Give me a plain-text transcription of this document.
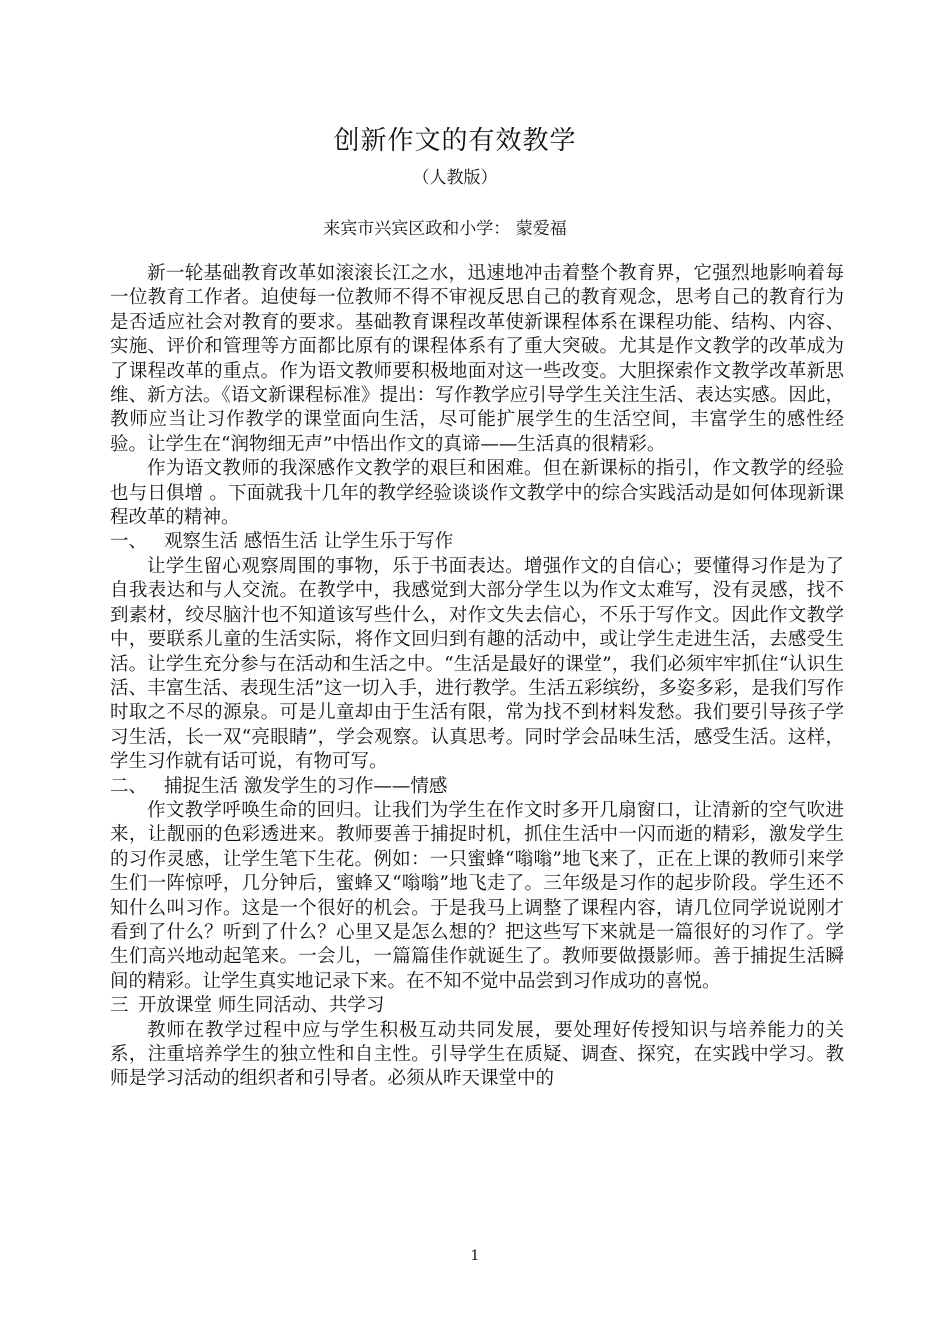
创新作文的有效教学
（人教版）
来宾市兴宾区政和小学： 蒙爱福

新一轮基础教育改革如滚滚长江之水，迅速地冲击着整个教育界，它强烈地影响着每一位教育工作者。迫使每一位教师不得不审视反思自己的教育观念，思考自己的教育行为是否适应社会对教育的要求。基础教育课程改革使新课程体系在课程功能、结构、内容、实施、评价和管理等方面都比原有的课程体系有了重大突破。尤其是作文教学的改革成为了课程改革的重点。作为语文教师要积极地面对这一些改变。大胆探索作文教学改革新思维、新方法。《语文新课程标准》提出：写作教学应引导学生关注生活、表达实感。因此，教师应当让习作教学的课堂面向生活，尽可能扩展学生的生活空间，丰富学生的感性经验。让学生在“润物细无声”中悟出作文的真谛——生活真的很精彩。

作为语文教师的我深感作文教学的艰巨和困难。但在新课标的指引，作文教学的经验也与日俱增 。下面就我十几年的教学经验谈谈作文教学中的综合实践活动是如何体现新课程改革的精神。

一、 观察生活 感悟生活 让学生乐于写作

让学生留心观察周围的事物，乐于书面表达。增强作文的自信心；要懂得习作是为了自我表达和与人交流。在教学中，我感觉到大部分学生以为作文太难写，没有灵感，找不到素材，绞尽脑汁也不知道该写些什么，对作文失去信心，不乐于写作文。因此作文教学中，要联系儿童的生活实际，将作文回归到有趣的活动中，或让学生走进生活，去感受生活。让学生充分参与在活动和生活之中。“生活是最好的课堂”，我们必须牢牢抓住“认识生活、丰富生活、表现生活”这一切入手，进行教学。生活五彩缤纷，多姿多彩，是我们写作时取之不尽的源泉。可是儿童却由于生活有限，常为找不到材料发愁。我们要引导孩子学习生活，长一双“亮眼睛”，学会观察。认真思考。同时学会品味生活，感受生活。这样，学生习作就有话可说，有物可写。

二、 捕捉生活 激发学生的习作——情感

作文教学呼唤生命的回归。让我们为学生在作文时多开几扇窗口，让清新的空气吹进来，让靓丽的色彩透进来。教师要善于捕捉时机，抓住生活中一闪而逝的精彩，激发学生的习作灵感，让学生笔下生花。例如：一只蜜蜂“嗡嗡”地飞来了，正在上课的教师引来学生们一阵惊呼，几分钟后，蜜蜂又“嗡嗡”地飞走了。三年级是习作的起步阶段。学生还不知什么叫习作。这是一个很好的机会。于是我马上调整了课程内容，请几位同学说说刚才看到了什么？听到了什么？心里又是怎么想的？把这些写下来就是一篇很好的习作了。学生们高兴地动起笔来。一会儿，一篇篇佳作就诞生了。教师要做摄影师。善于捕捉生活瞬间的精彩。让学生真实地记录下来。在不知不觉中品尝到习作成功的喜悦。

三 开放课堂 师生同活动、共学习

教师在教学过程中应与学生积极互动共同发展，要处理好传授知识与培养能力的关系，注重培养学生的独立性和自主性。引导学生在质疑、调查、探究，在实践中学习。教师是学习活动的组织者和引导者。必须从昨天课堂中的

1
